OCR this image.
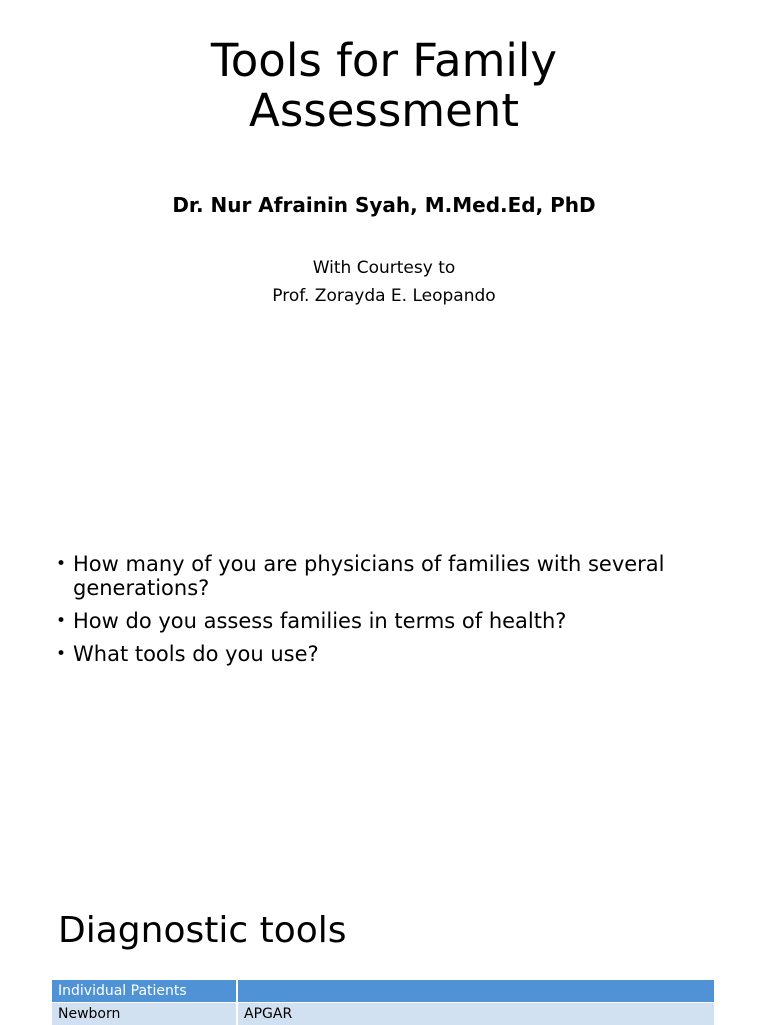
Tools for Family
Assessment
Dr. Nur Afrainin Syah, M.Med.Ed, PhD
With Courtesy to
Prof. Zorayda E. Leopando
• How many of you are physicians of families with several generations?
• How do you assess families in terms of health?
• What tools do you use?
Diagnostic tools
Individual Patients	
Newborn	APGAR
